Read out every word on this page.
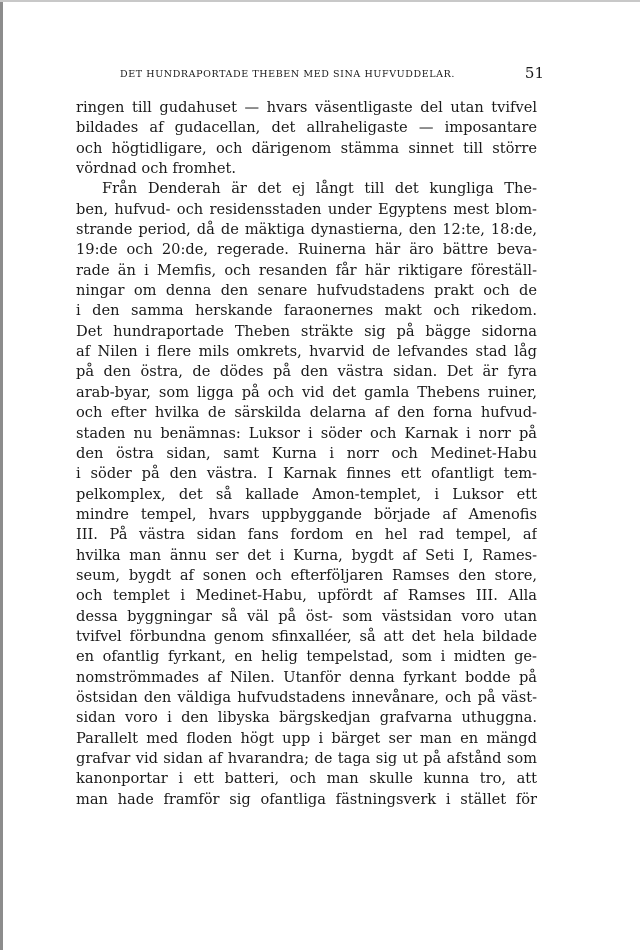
DET HUNDRAPORTADE THEBEN MED SINA HUFVUDDELAR.	51
ringen till gudahuset — hvars väsentligaste del utan tvifvel
bildades af gudacellan, det allraheligaste — imposantare
och högtidligare, och därigenom stämma sinnet till större
vördnad och fromhet.
Från Denderah är det ej långt till det kungliga The-
ben, hufvud- och residensstaden under Egyptens mest blom-
strande period, då de mäktiga dynastierna, den 12:te, 18:de,
19:de och 20:de, regerade. Ruinerna här äro bättre beva-
rade än i Memfis, och resanden får här riktigare föreställ-
ningar om denna den senare hufvudstadens prakt och de
i den samma herskande faraonernes makt och rikedom.
Det hundraportade Theben sträkte sig på bägge sidorna
af Nilen i flere mils omkrets, hvarvid de lefvandes stad låg
på den östra, de dödes på den västra sidan. Det är fyra
arab-byar, som ligga på och vid det gamla Thebens ruiner,
och efter hvilka de särskilda delarna af den forna hufvud-
staden nu benämnas: Luksor i söder och Karnak i norr på
den östra sidan, samt Kurna i norr och Medinet-Habu
i söder på den västra. I Karnak finnes ett ofantligt tem-
pelkomplex, det så kallade Amon-templet, i Luksor ett
mindre tempel, hvars uppbyggande började af Amenofis
III. På västra sidan fans fordom en hel rad tempel, af
hvilka man ännu ser det i Kurna, bygdt af Seti I, Rames-
seum, bygdt af sonen och efterföljaren Ramses den store,
och templet i Medinet-Habu, upfördt af Ramses III. Alla
dessa byggningar så väl på öst- som västsidan voro utan
tvifvel förbundna genom sfinxalléer, så att det hela bildade
en ofantlig fyrkant, en helig tempelstad, som i midten ge-
nomströmmades af Nilen. Utanför denna fyrkant bodde på
östsidan den väldiga hufvudstadens innevånare, och på väst-
sidan voro i den libyska bärgskedjan grafvarna uthuggna.
Parallelt med floden högt upp i bärget ser man en mängd
grafvar vid sidan af hvarandra; de taga sig ut på afstånd som
kanonportar i ett batteri, och man skulle kunna tro, att
man hade framför sig ofantliga fästningsverk i stället för
